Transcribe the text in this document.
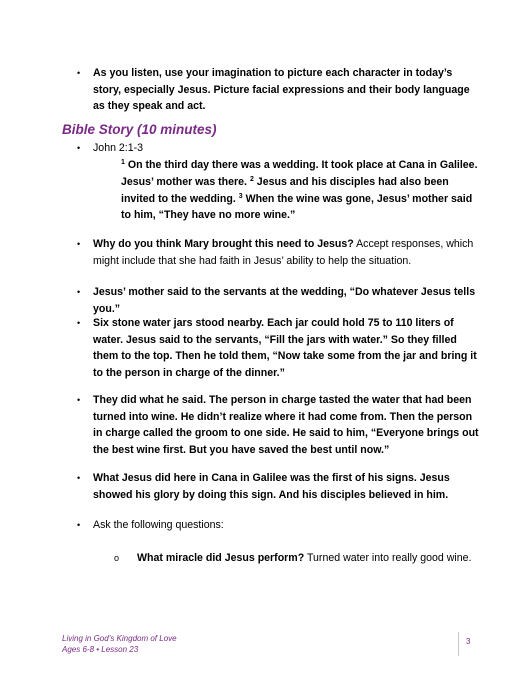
• As you listen, use your imagination to picture each character in today’s story, especially Jesus. Picture facial expressions and their body language as they speak and act.
Bible Story (10 minutes)
• John 2:1-3
$^1$ On the third day there was a wedding. It took place at Cana in Galilee. Jesus’ mother was there. $^2$ Jesus and his disciples had also been invited to the wedding. $^3$ When the wine was gone, Jesus’ mother said to him, “They have no more wine.”
• Why do you think Mary brought this need to Jesus? Accept responses, which might include that she had faith in Jesus’ ability to help the situation.
• Jesus’ mother said to the servants at the wedding, “Do whatever Jesus tells you.”
• Six stone water jars stood nearby. Each jar could hold 75 to 110 liters of water. Jesus said to the servants, “Fill the jars with water.” So they filled them to the top. Then he told them, “Now take some from the jar and bring it to the person in charge of the dinner.”
• They did what he said. The person in charge tasted the water that had been turned into wine. He didn’t realize where it had come from. Then the person in charge called the groom to one side. He said to him, “Everyone brings out the best wine first. But you have saved the best until now.”
• What Jesus did here in Cana in Galilee was the first of his signs. Jesus showed his glory by doing this sign. And his disciples believed in him.
• Ask the following questions:
o What miracle did Jesus perform? Turned water into really good wine.
Living in God’s Kingdom of Love
Ages 6-8 • Lesson 23
3
